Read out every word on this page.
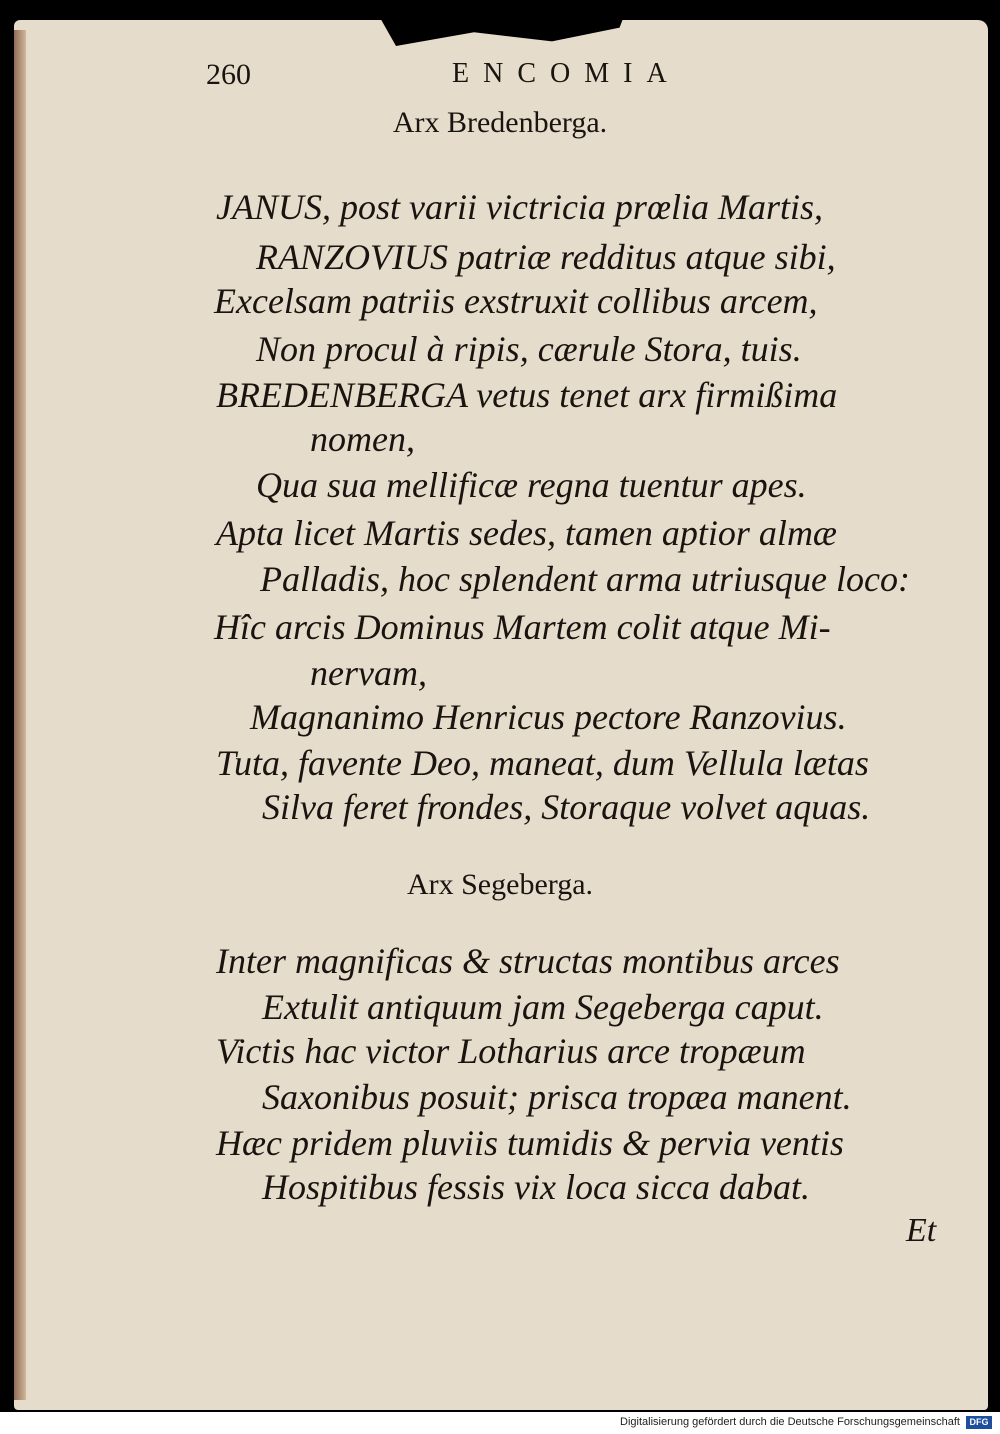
260	ENCOMIA
Arx Bredenberga.
JANUS, post varii victricia prœlia Martis,
RANZOVIUS patriæ redditus atque sibi,
Excelsam patriis exstruxit collibus arcem,
Non procul à ripis, cærule Stora, tuis.
BREDENBERGA vetus tenet arx firmißima
nomen,
Qua sua mellificæ regna tuentur apes.
Apta licet Martis sedes, tamen aptior almæ
Palladis, hoc splendent arma utriusque loco:
Hîc arcis Dominus Martem colit atque Mi-
nervam,
Magnanimo Henricus pectore Ranzovius.
Tuta, favente Deo, maneat, dum Vellula lætas
Silva feret frondes, Storaque volvet aquas.
Arx Segeberga.
Inter magnificas & structas montibus arces
Extulit antiquum jam Segeberga caput.
Victis hac victor Lotharius arce tropæum
Saxonibus posuit; prisca tropæa manent.
Hæc pridem pluviis tumidis & pervia ventis
Hospitibus fessis vix loca sicca dabat.
Et
Digitalisierung gefördert durch die Deutsche Forschungsgemeinschaft	DFG
